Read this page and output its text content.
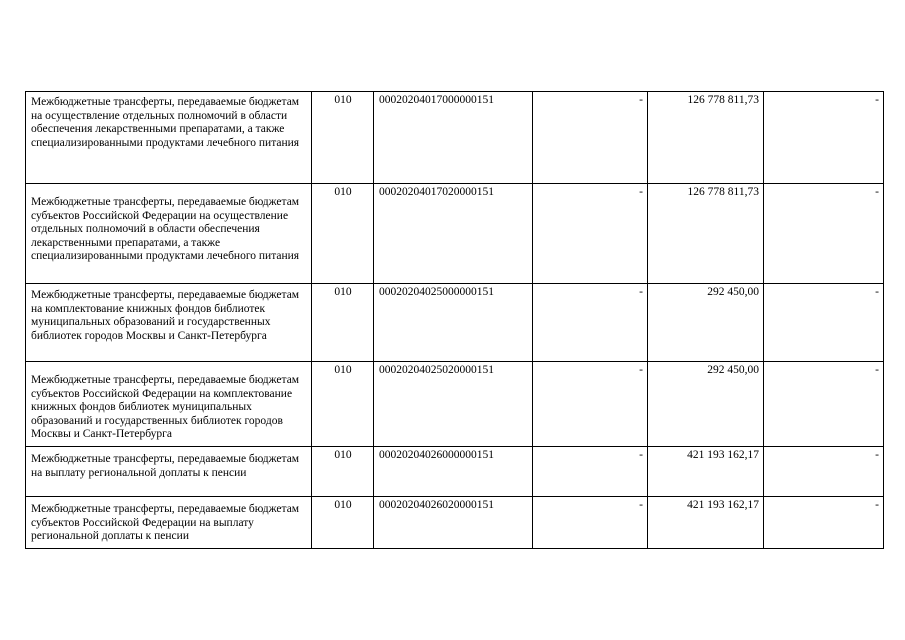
Межбюджетные трансферты, передаваемые бюджетам на осуществление отдельных полномочий в области обеспечения лекарственными препаратами, а также специализированными продуктами лечебного питания	010	00020204017000000151	-	126 778 811,73	-
Межбюджетные трансферты, передаваемые бюджетам субъектов Российской Федерации на осуществление отдельных полномочий в области обеспечения лекарственными препаратами, а также специализированными продуктами лечебного питания	010	00020204017020000151	-	126 778 811,73	-
Межбюджетные трансферты, передаваемые бюджетам на комплектование книжных фондов библиотек муниципальных образований и государственных библиотек городов Москвы и Санкт-Петербурга	010	00020204025000000151	-	292 450,00	-
Межбюджетные трансферты, передаваемые бюджетам субъектов Российской Федерации на комплектование книжных фондов библиотек муниципальных образований и государственных библиотек городов Москвы и Санкт-Петербурга	010	00020204025020000151	-	292 450,00	-
Межбюджетные трансферты, передаваемые бюджетам на выплату региональной доплаты к пенсии	010	00020204026000000151	-	421 193 162,17	-
Межбюджетные трансферты, передаваемые бюджетам субъектов Российской Федерации на выплату региональной доплаты к пенсии	010	00020204026020000151	-	421 193 162,17	-
